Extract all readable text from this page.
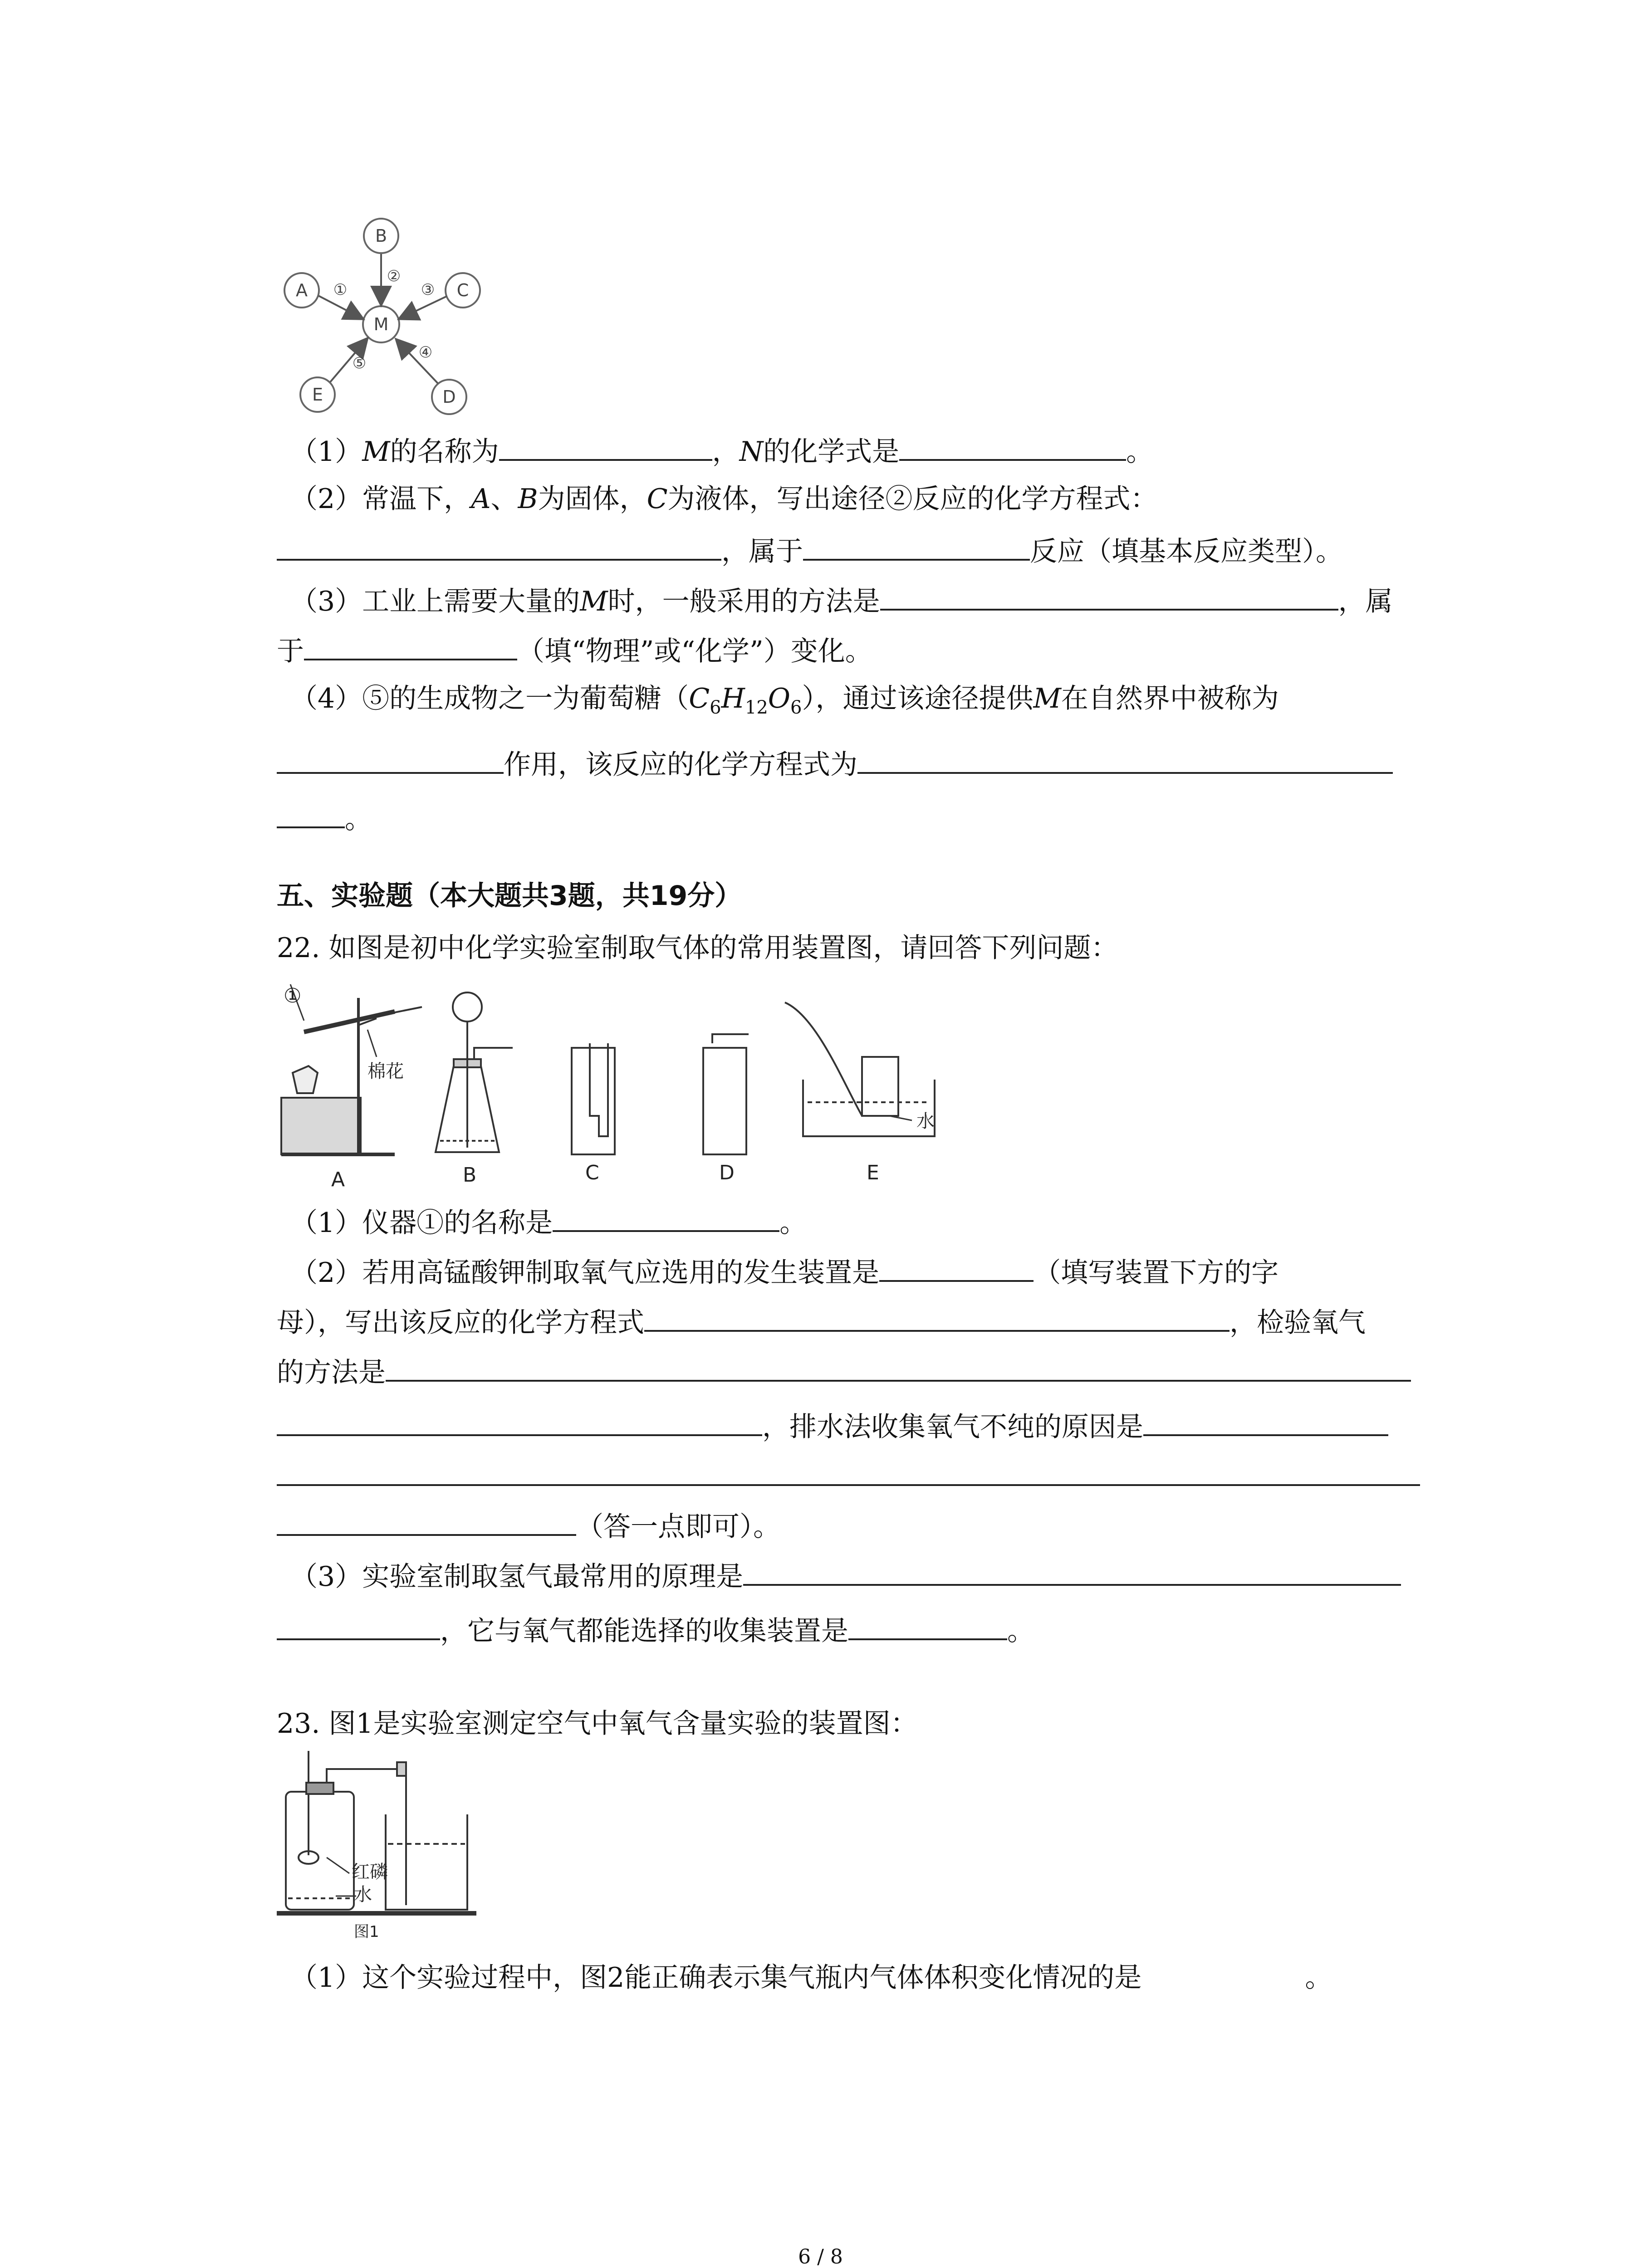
B
A	C
E	D
M
①
②
③
④
⑤
（1）M的名称为	，N的化学式是	。
（2）常温下，A、B为固体，C为液体，写出途径②反应的化学方程式：
，属于	反应（填基本反应类型）。
（3）工业上需要大量的M时，一般采用的方法是	，属
于	（填“物理”或“化学”）变化。
（4）⑤的生成物之一为葡萄糖$(C_6H_{12}O_6)$，通过该途径提供M在自然界中被称为
作用，该反应的化学方程式为
。
五、实验题（本大题共3题，共19分）
22. 如图是初中化学实验室制取气体的常用装置图，请回答下列问题：
①
棉花
水
A	B	C	D	E
（1）仪器①的名称是	。
（2）若用高锰酸钾制取氧气应选用的发生装置是	（填写装置下方的字
母），写出该反应的化学方程式	，检验氧气
的方法是
，排水法收集氧气不纯的原因是
（答一点即可）。
（3）实验室制取氢气最常用的原理是
，它与氧气都能选择的收集装置是	。
23. 图1是实验室测定空气中氧气含量实验的装置图：
红磷
水
图1
（1）这个实验过程中，图2能正确表示集气瓶内气体体积变化情况的是	。
6 / 8
